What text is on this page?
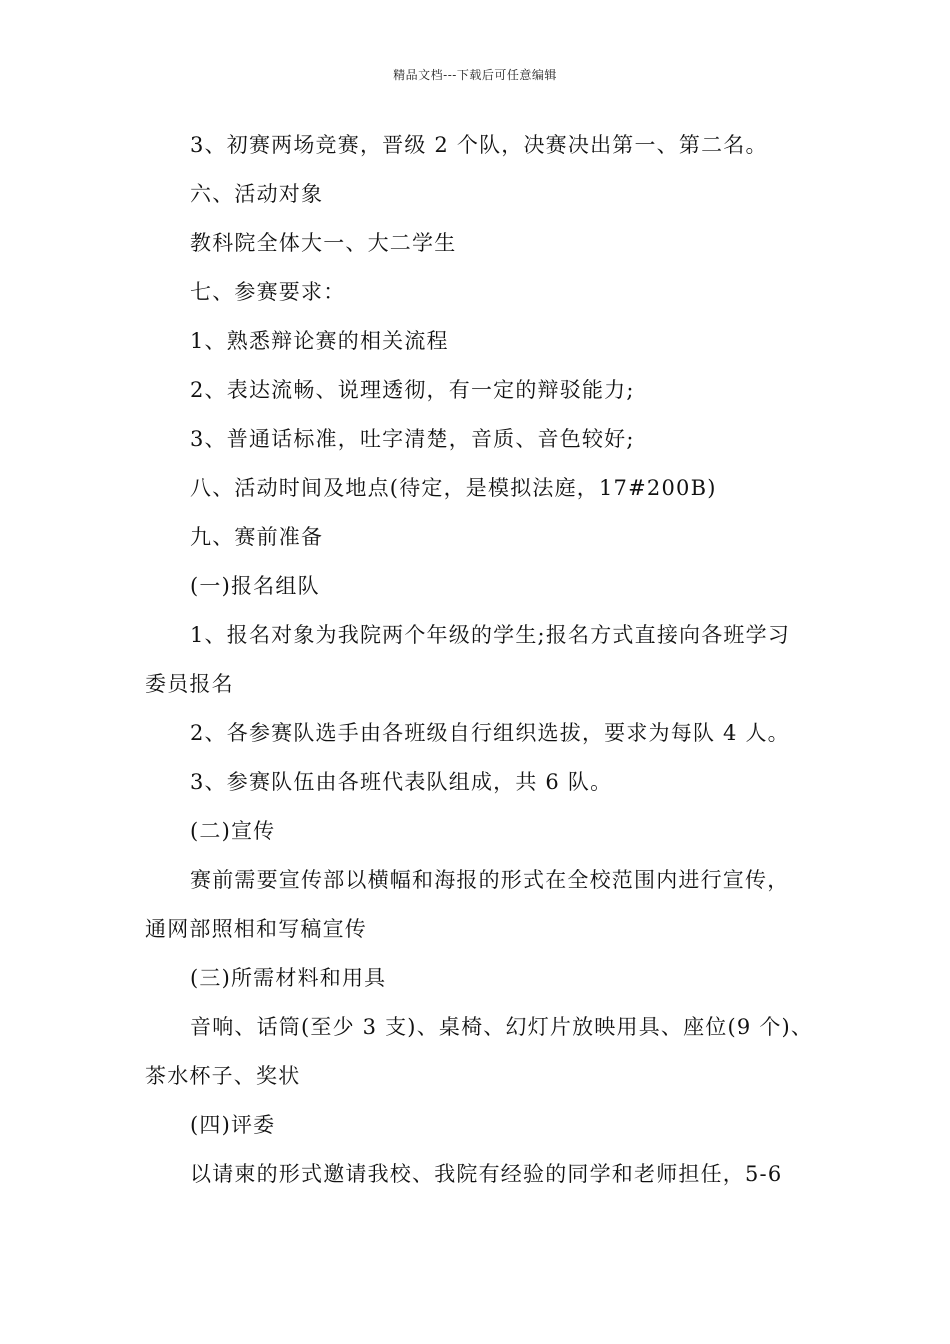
精品文档---下载后可任意编辑
3、初赛两场竞赛，晋级 2 个队，决赛决出第一、第二名。
六、活动对象
教科院全体大一、大二学生
七、参赛要求：
1、熟悉辩论赛的相关流程
2、表达流畅、说理透彻，有一定的辩驳能力;
3、普通话标准，吐字清楚，音质、音色较好;
八、活动时间及地点(待定，是模拟法庭，17#200B)
九、赛前准备
(一)报名组队
1、报名对象为我院两个年级的学生;报名方式直接向各班学习
委员报名
2、各参赛队选手由各班级自行组织选拔，要求为每队 4 人。
3、参赛队伍由各班代表队组成，共 6 队。
(二)宣传
赛前需要宣传部以横幅和海报的形式在全校范围内进行宣传，
通网部照相和写稿宣传
(三)所需材料和用具
音响、话筒(至少 3 支)、桌椅、幻灯片放映用具、座位(9 个)、
茶水杯子、奖状
(四)评委
以请柬的形式邀请我校、我院有经验的同学和老师担任，5-6
